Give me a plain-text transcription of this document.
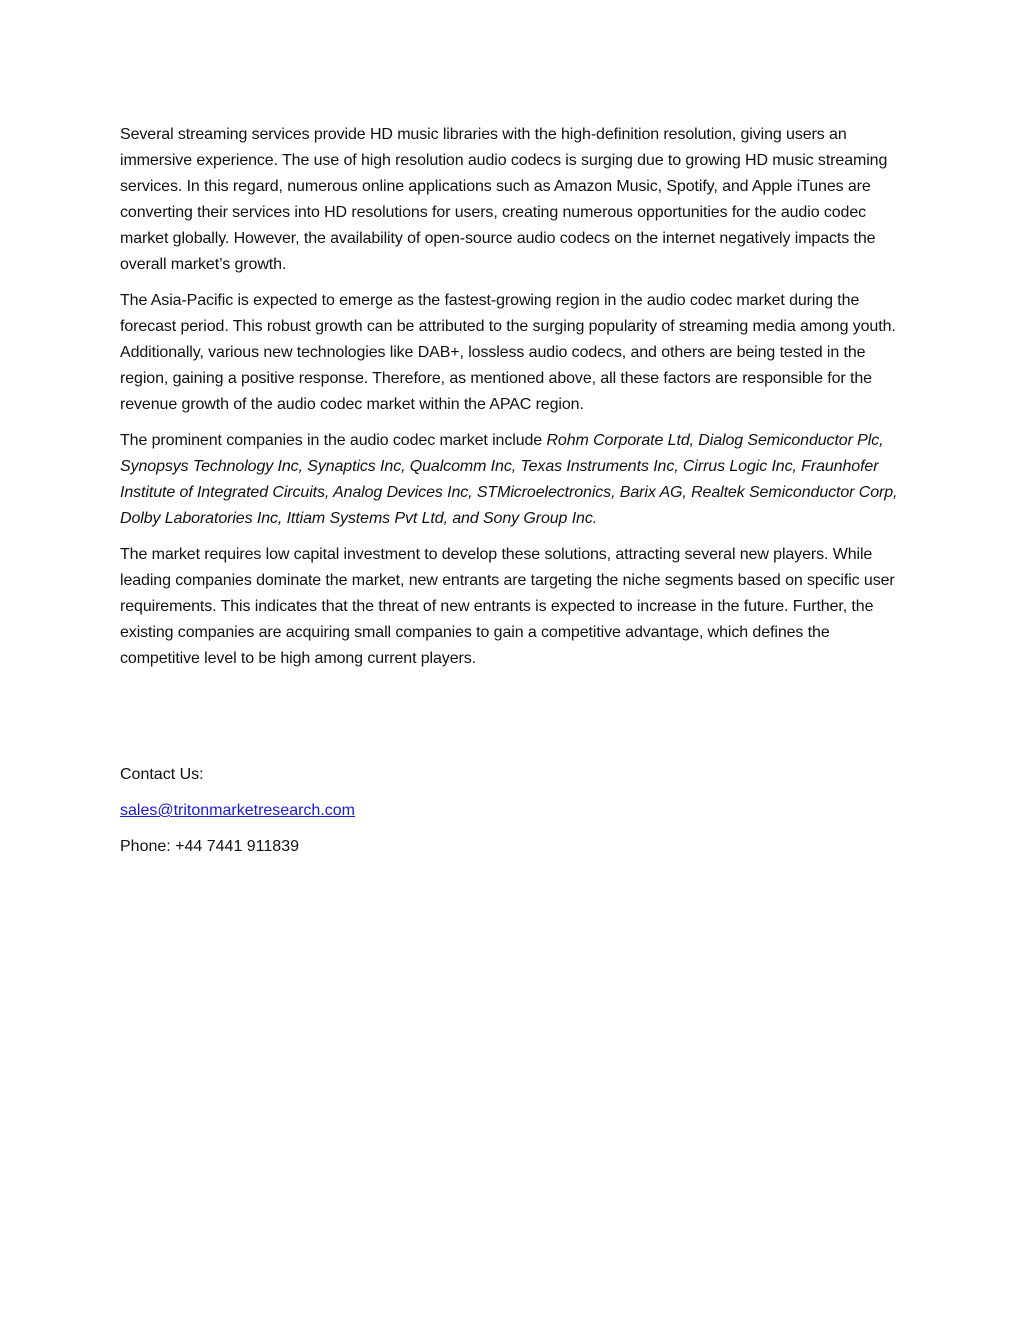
Several streaming services provide HD music libraries with the high-definition resolution, giving users an immersive experience. The use of high resolution audio codecs is surging due to growing HD music streaming services. In this regard, numerous online applications such as Amazon Music, Spotify, and Apple iTunes are converting their services into HD resolutions for users, creating numerous opportunities for the audio codec market globally. However, the availability of open-source audio codecs on the internet negatively impacts the overall market’s growth.

The Asia-Pacific is expected to emerge as the fastest-growing region in the audio codec market during the forecast period. This robust growth can be attributed to the surging popularity of streaming media among youth. Additionally, various new technologies like DAB+, lossless audio codecs, and others are being tested in the region, gaining a positive response. Therefore, as mentioned above, all these factors are responsible for the revenue growth of the audio codec market within the APAC region.

The prominent companies in the audio codec market include Rohm Corporate Ltd, Dialog Semiconductor Plc, Synopsys Technology Inc, Synaptics Inc, Qualcomm Inc, Texas Instruments Inc, Cirrus Logic Inc, Fraunhofer Institute of Integrated Circuits, Analog Devices Inc, STMicroelectronics, Barix AG, Realtek Semiconductor Corp, Dolby Laboratories Inc, Ittiam Systems Pvt Ltd, and Sony Group Inc.

The market requires low capital investment to develop these solutions, attracting several new players. While leading companies dominate the market, new entrants are targeting the niche segments based on specific user requirements. This indicates that the threat of new entrants is expected to increase in the future. Further, the existing companies are acquiring small companies to gain a competitive advantage, which defines the competitive level to be high among current players.

Contact Us:

sales@tritonmarketresearch.com

Phone: +44 7441 911839
